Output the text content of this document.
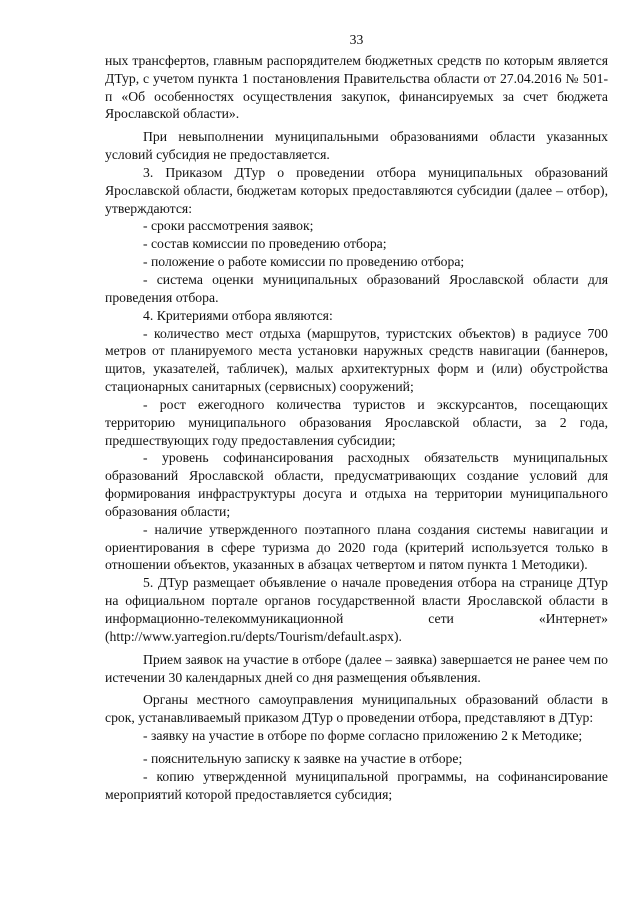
33

ных трансфертов, главным распорядителем бюджетных средств по которым является ДТур, с учетом пункта 1 постановления Правительства области от 27.04.2016 № 501-п «Об особенностях осуществления закупок, финансируемых за счет бюджета Ярославской области».

При невыполнении муниципальными образованиями области указанных условий субсидия не предоставляется.

3. Приказом ДТур о проведении отбора муниципальных образований Ярославской области, бюджетам которых предоставляются субсидии (далее – отбор), утверждаются:

- сроки рассмотрения заявок;

- состав комиссии по проведению отбора;

- положение о работе комиссии по проведению отбора;

- система оценки муниципальных образований Ярославской области для проведения отбора.

4. Критериями отбора являются:

- количество мест отдыха (маршрутов, туристских объектов) в радиусе 700 метров от планируемого места установки наружных средств навигации (баннеров, щитов, указателей, табличек), малых архитектурных форм и (или) обустройства стационарных санитарных (сервисных) сооружений;

- рост ежегодного количества туристов и экскурсантов, посещающих территорию муниципального образования Ярославской области, за 2 года, предшествующих году предоставления субсидии;

- уровень софинансирования расходных обязательств муниципальных образований Ярославской области, предусматривающих создание условий для формирования инфраструктуры досуга и отдыха на территории муниципального образования области;

- наличие утвержденного поэтапного плана создания системы навигации и ориентирования в сфере туризма до 2020 года (критерий используется только в отношении объектов, указанных в абзацах четвертом и пятом пункта 1 Методики).

5. ДТур размещает объявление о начале проведения отбора на странице ДТур на официальном портале органов государственной власти Ярославской области в информационно-телекоммуникационной сети «Интернет» (http://www.yarregion.ru/depts/Tourism/default.aspx).

Прием заявок на участие в отборе (далее – заявка) завершается не ранее чем по истечении 30 календарных дней со дня размещения объявления.

Органы местного самоуправления муниципальных образований области в срок, устанавливаемый приказом ДТур о проведении отбора, представляют в ДТур:

- заявку на участие в отборе по форме согласно приложению 2 к Методике;

- пояснительную записку к заявке на участие в отборе;

- копию утвержденной муниципальной программы, на софинансирование мероприятий которой предоставляется субсидия;
